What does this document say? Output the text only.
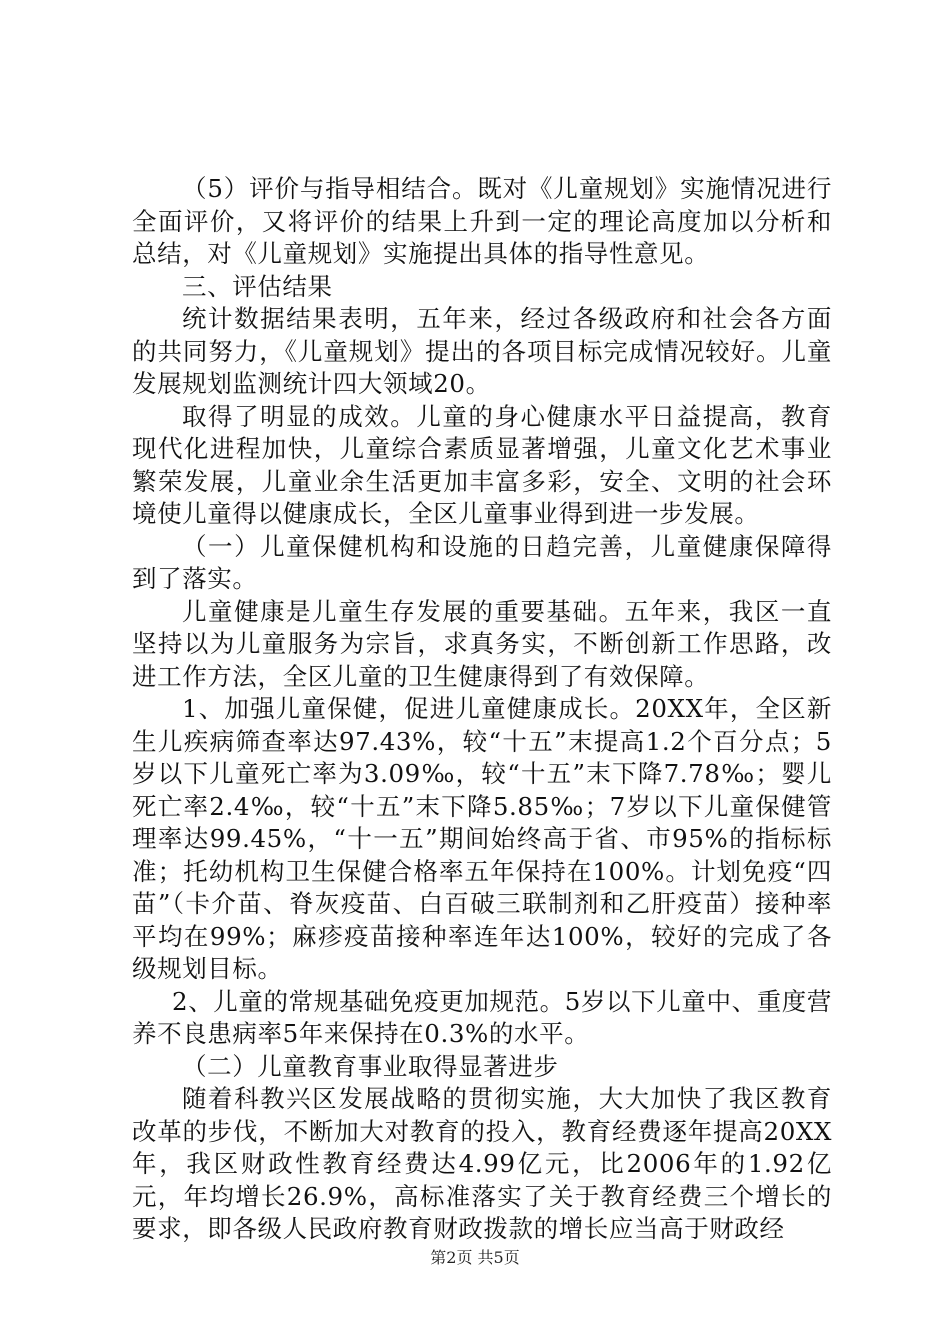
（5）评价与指导相结合。既对《儿童规划》实施情况进行全面评价，又将评价的结果上升到一定的理论高度加以分析和总结，对《儿童规划》实施提出具体的指导性意见。

三、评估结果

统计数据结果表明，五年来，经过各级政府和社会各方面的共同努力，《儿童规划》提出的各项目标完成情况较好。儿童发展规划监测统计四大领域20。

取得了明显的成效。儿童的身心健康水平日益提高，教育现代化进程加快，儿童综合素质显著增强，儿童文化艺术事业繁荣发展，儿童业余生活更加丰富多彩，安全、文明的社会环境使儿童得以健康成长，全区儿童事业得到进一步发展。

（一）儿童保健机构和设施的日趋完善，儿童健康保障得到了落实。

儿童健康是儿童生存发展的重要基础。五年来，我区一直坚持以为儿童服务为宗旨，求真务实，不断创新工作思路，改进工作方法，全区儿童的卫生健康得到了有效保障。

1、加强儿童保健，促进儿童健康成长。20XX年，全区新生儿疾病筛查率达97.43%，较“十五”末提高1.2个百分点；5岁以下儿童死亡率为3.09‰，较“十五”末下降7.78‰；婴儿死亡率2.4‰，较“十五”末下降5.85‰；7岁以下儿童保健管理率达99.45%，“十一五”期间始终高于省、市95%的指标标准；托幼机构卫生保健合格率五年保持在100%。计划免疫“四苗”（卡介苗、脊灰疫苗、白百破三联制剂和乙肝疫苗）接种率平均在99%；麻疹疫苗接种率连年达100%，较好的完成了各级规划目标。

2、儿童的常规基础免疫更加规范。5岁以下儿童中、重度营养不良患病率5年来保持在0.3%的水平。

（二）儿童教育事业取得显著进步

随着科教兴区发展战略的贯彻实施，大大加快了我区教育改革的步伐，不断加大对教育的投入，教育经费逐年提高20XX年，我区财政性教育经费达4.99亿元，比2006年的1.92亿元，年均增长26.9%，高标准落实了关于教育经费三个增长的要求，即各级人民政府教育财政拨款的增长应当高于财政经

第2页 共5页
